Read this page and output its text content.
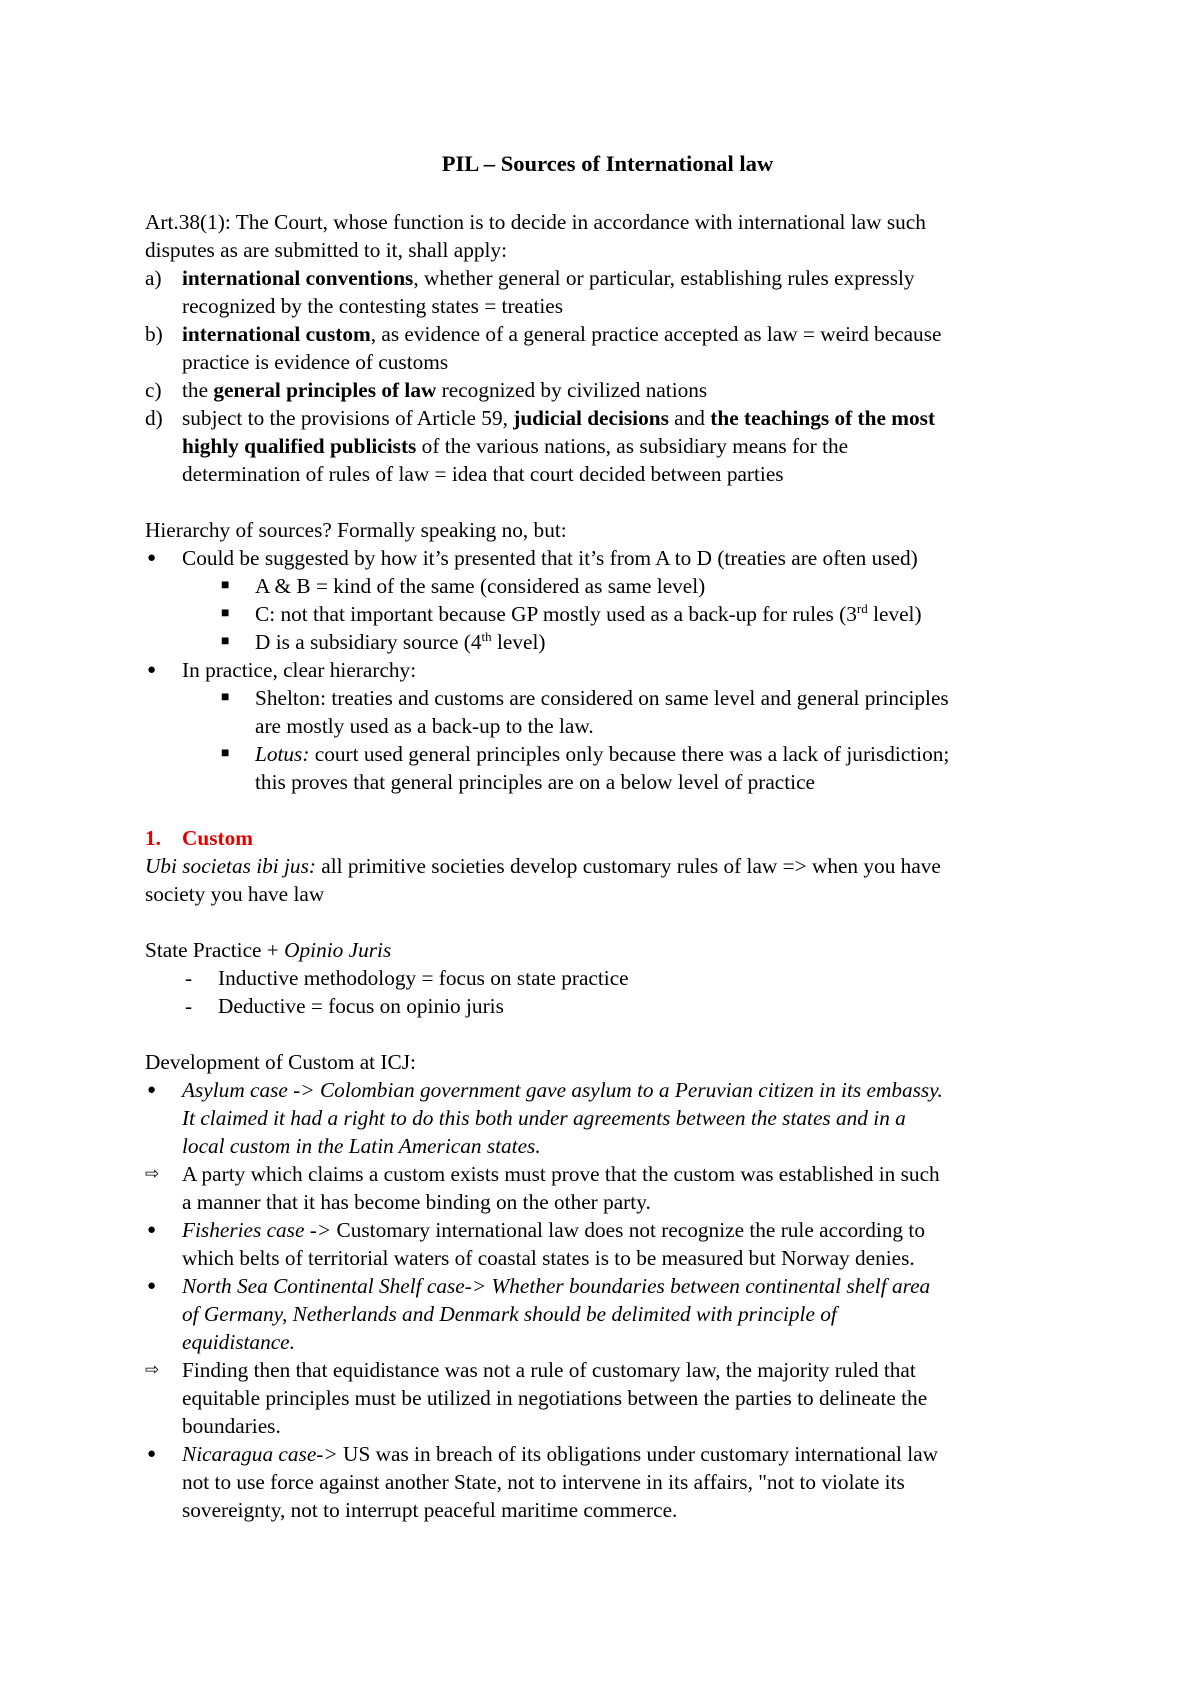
PIL – Sources of International law
Art.38(1): The Court, whose function is to decide in accordance with international law such
disputes as are submitted to it, shall apply:
a) international conventions, whether general or particular, establishing rules expressly
recognized by the contesting states = treaties
b) international custom, as evidence of a general practice accepted as law = weird because
practice is evidence of customs
c) the general principles of law recognized by civilized nations
d) subject to the provisions of Article 59, judicial decisions and the teachings of the most
highly qualified publicists of the various nations, as subsidiary means for the
determination of rules of law = idea that court decided between parties
Hierarchy of sources? Formally speaking no, but:
● Could be suggested by how it’s presented that it’s from A to D (treaties are often used)
■ A & B = kind of the same (considered as same level)
■ C: not that important because GP mostly used as a back-up for rules (3rd level)
■ D is a subsidiary source (4th level)
● In practice, clear hierarchy:
■ Shelton: treaties and customs are considered on same level and general principles
are mostly used as a back-up to the law.
■ Lotus: court used general principles only because there was a lack of jurisdiction;
this proves that general principles are on a below level of practice
1. Custom
Ubi societas ibi jus: all primitive societies develop customary rules of law => when you have
society you have law
State Practice + Opinio Juris
- Inductive methodology = focus on state practice
- Deductive = focus on opinio juris
Development of Custom at ICJ:
● Asylum case -> Colombian government gave asylum to a Peruvian citizen in its embassy.
It claimed it had a right to do this both under agreements between the states and in a
local custom in the Latin American states.
⇨ A party which claims a custom exists must prove that the custom was established in such
a manner that it has become binding on the other party.
● Fisheries case -> Customary international law does not recognize the rule according to
which belts of territorial waters of coastal states is to be measured but Norway denies.
● North Sea Continental Shelf case-> Whether boundaries between continental shelf area
of Germany, Netherlands and Denmark should be delimited with principle of
equidistance.
⇨ Finding then that equidistance was not a rule of customary law, the majority ruled that
equitable principles must be utilized in negotiations between the parties to delineate the
boundaries.
● Nicaragua case-> US was in breach of its obligations under customary international law
not to use force against another State, not to intervene in its affairs, "not to violate its
sovereignty, not to interrupt peaceful maritime commerce.
